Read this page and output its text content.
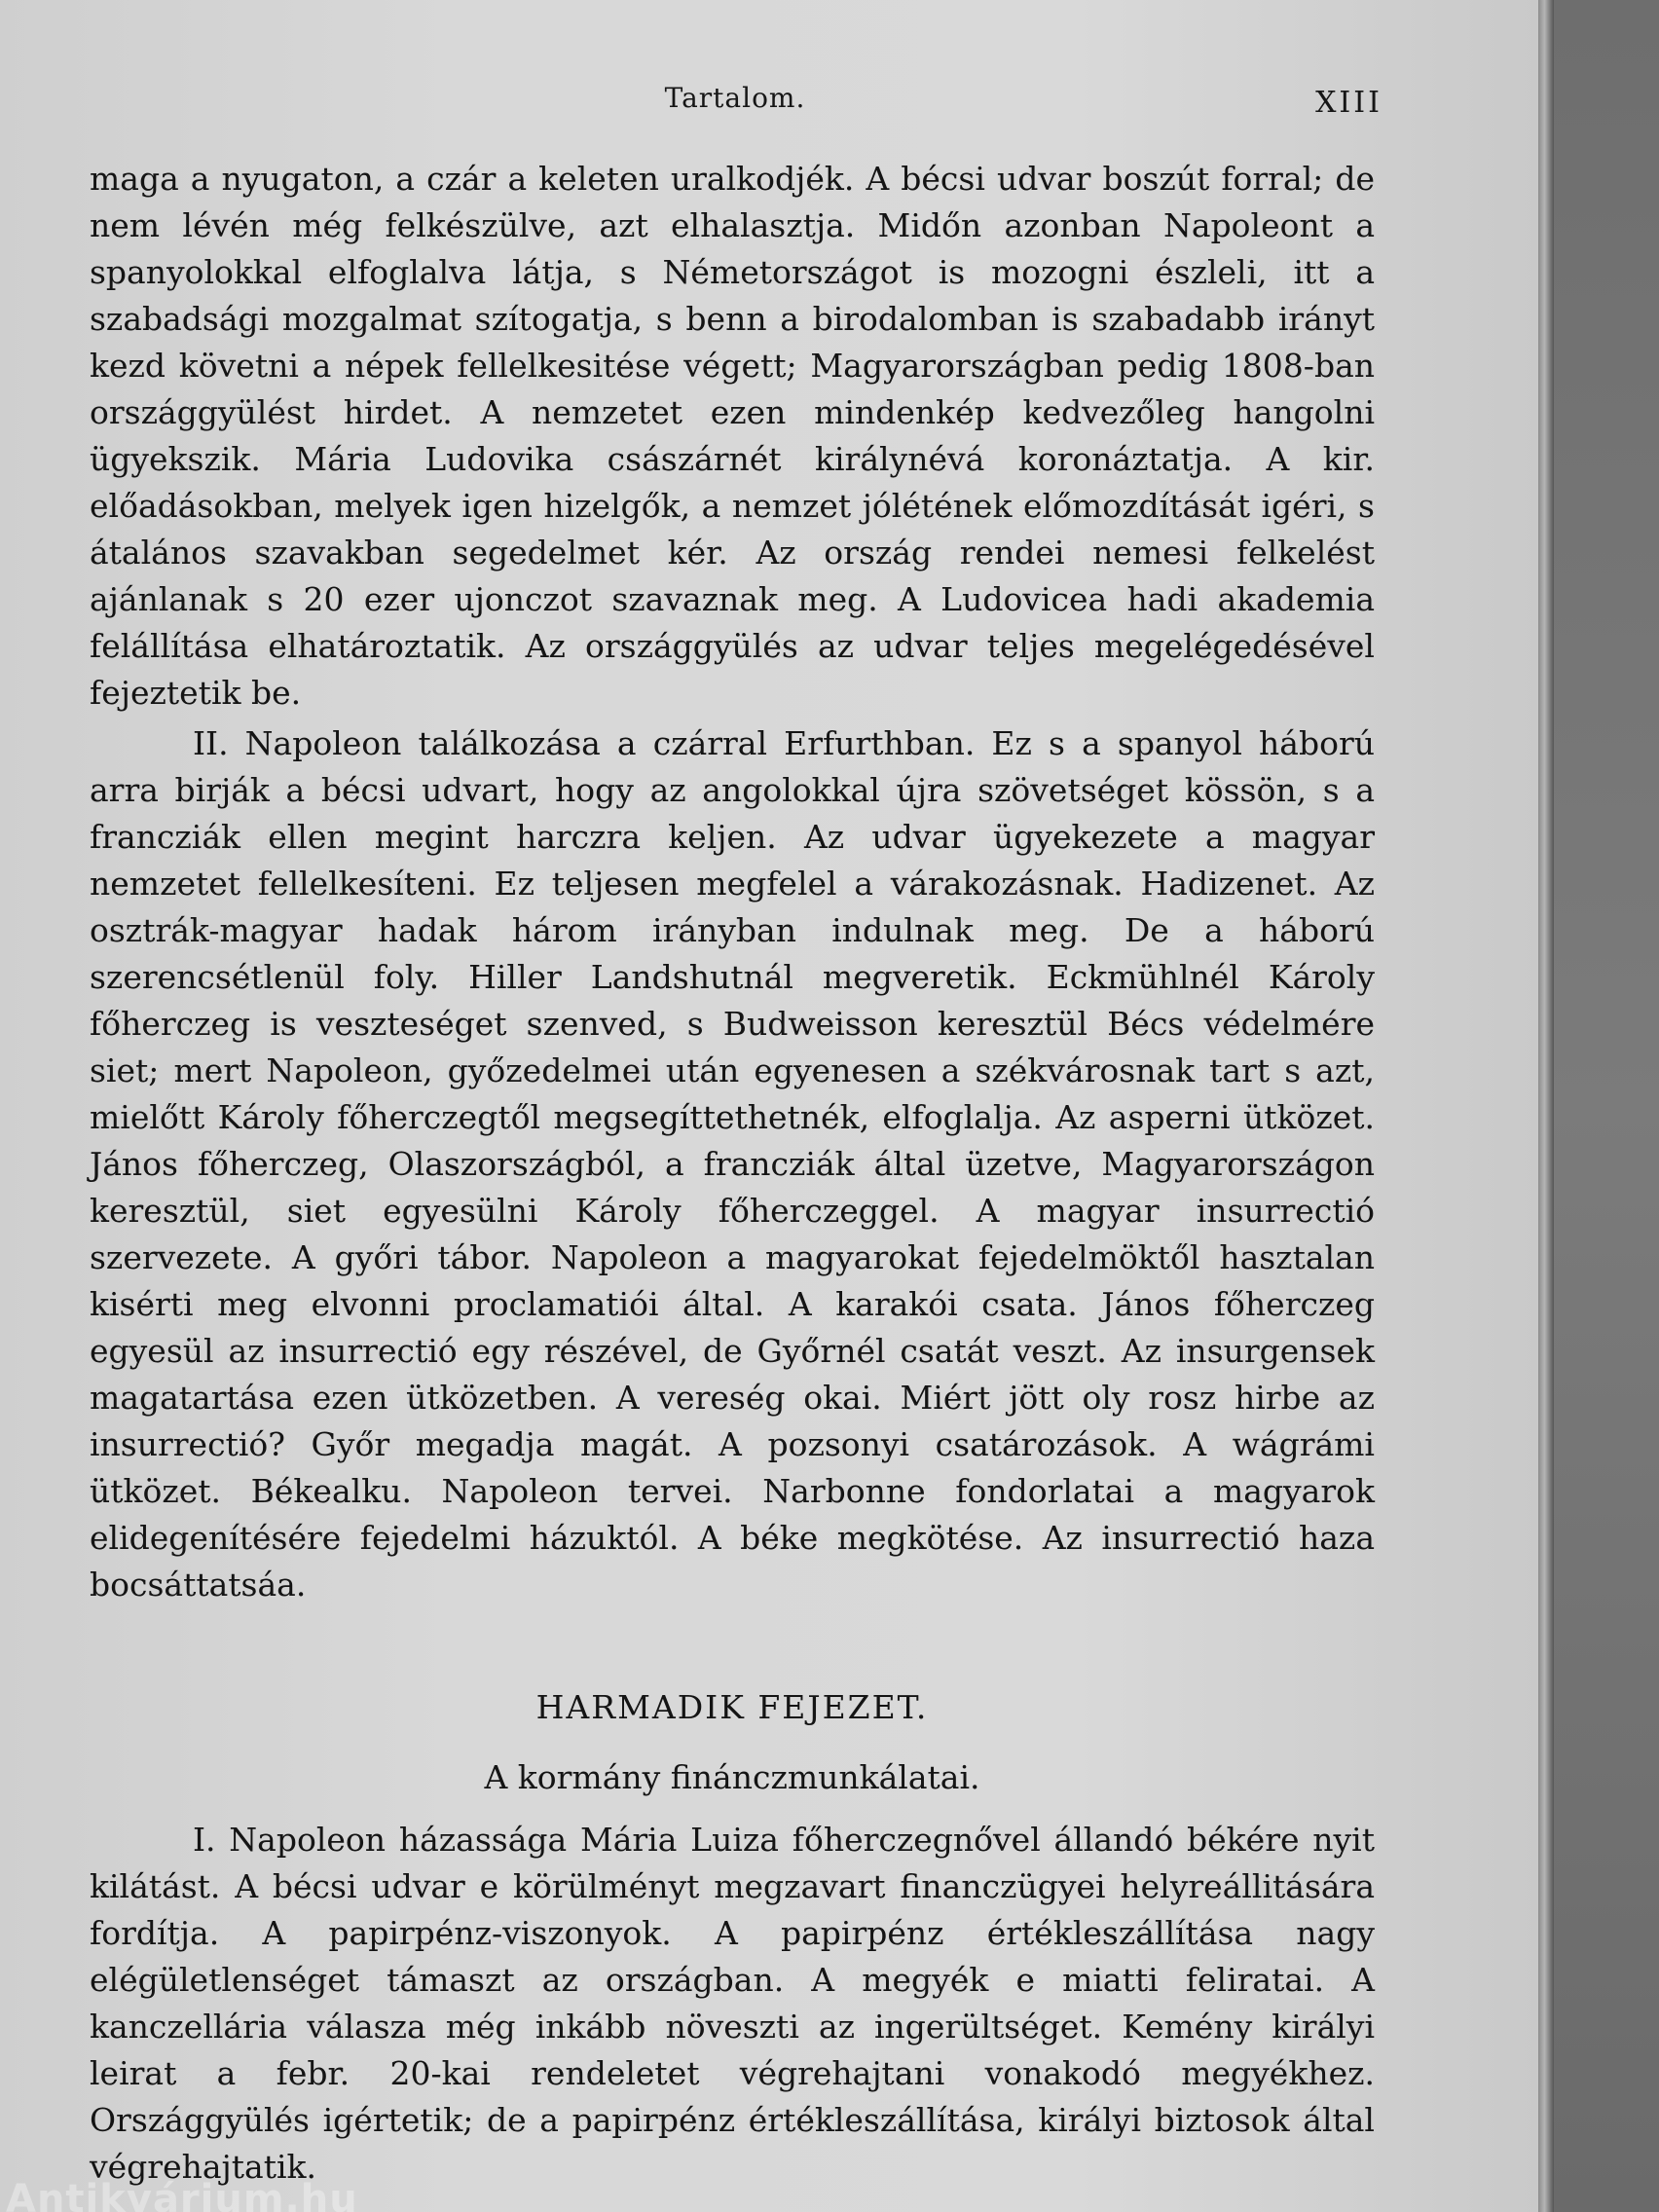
Tartalom.	XIII

maga a nyugaton, a czár a keleten uralkodjék. A bécsi udvar boszút forral; de nem lévén még felkészülve, azt elhalasztja. Midőn azonban Napoleont a spanyolokkal elfoglalva látja, s Németországot is mozogni észleli, itt a szabadsági mozgalmat szítogatja, s benn a birodalomban is szabadabb irányt kezd követni a népek fellelkesitése végett; Magyarországban pedig 1808-ban országgyülést hirdet. A nemzetet ezen mindenkép kedvezőleg hangolni ügyekszik. Mária Ludovika császárnét királynévá koronáztatja. A kir. előadásokban, melyek igen hizelgők, a nemzet jólétének előmozdítását igéri, s átalános szavakban segedelmet kér. Az ország rendei nemesi felkelést ajánlanak s 20 ezer ujonczot szavaznak meg. A Ludovicea hadi akademia felállítása elhatároztatik. Az országgyülés az udvar teljes megelégedésével fejeztetik be.

II. Napoleon találkozása a czárral Erfurthban. Ez s a spanyol háború arra birják a bécsi udvart, hogy az angolokkal újra szövetséget kössön, s a francziák ellen megint harczra keljen. Az udvar ügyekezete a magyar nemzetet fellelkesíteni. Ez teljesen megfelel a várakozásnak. Hadizenet. Az osztrák-magyar hadak három irányban indulnak meg. De a háború szerencsétlenül foly. Hiller Landshutnál megveretik. Eckmühlnél Károly főherczeg is veszteséget szenved, s Budweisson keresztül Bécs védelmére siet; mert Napoleon, győzedelmei után egyenesen a székvárosnak tart s azt, mielőtt Károly főherczegtől megsegíttethetnék, elfoglalja. Az asperni ütközet. János főherczeg, Olaszországból, a francziák által üzetve, Magyarországon keresztül, siet egyesülni Károly főherczeggel. A magyar insurrectió szervezete. A győri tábor. Napoleon a magyarokat fejedelmöktől hasztalan kisérti meg elvonni proclamatiói által. A karakói csata. János főherczeg egyesül az insurrectió egy részével, de Győrnél csatát veszt. Az insurgensek magatartása ezen ütközetben. A vereség okai. Miért jött oly rosz hirbe az insurrectió? Győr megadja magát. A pozsonyi csatározások. A wágrámi ütközet. Békealku. Napoleon tervei. Narbonne fondorlatai a magyarok elidegenítésére fejedelmi házuktól. A béke megkötése. Az insurrectió haza bocsáttatsáa.

HARMADIK FEJEZET.
A kormány finánczmunkálatai.

I. Napoleon házassága Mária Luiza főherczegnővel állandó békére nyit kilátást. A bécsi udvar e körülményt megzavart financzügyei helyreállitására fordítja. A papirpénz-viszonyok. A papirpénz értékleszállítása nagy elégületlenséget támaszt az országban. A megyék e miatti feliratai. A kanczellária válasza még inkább növeszti az ingerültséget. Kemény királyi leirat a febr. 20-kai rendeletet végrehajtani vonakodó megyékhez. Országgyülés igértetik; de a papirpénz értékleszállítása, királyi biztosok által végrehajtatik.

Antikvárium.hu
